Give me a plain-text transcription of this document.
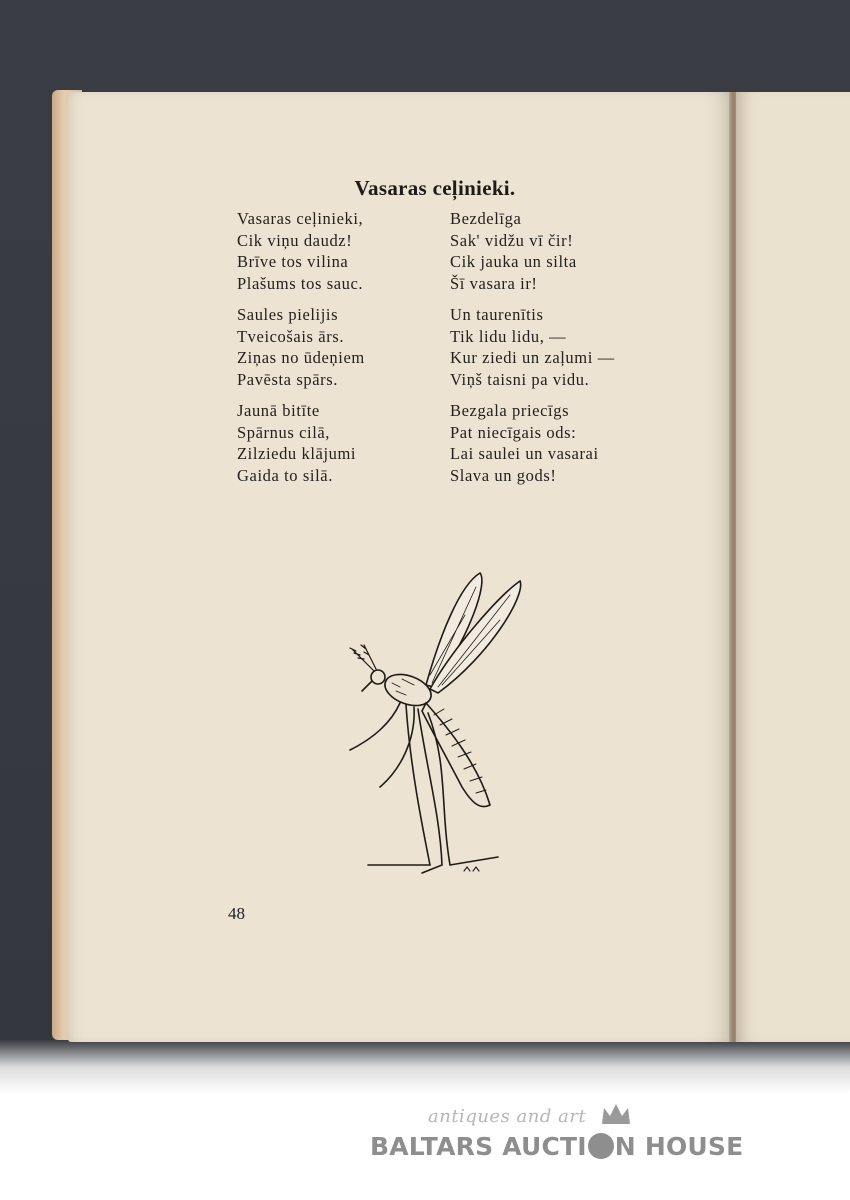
Vasaras ceļinieki.
Vasaras ceļinieki,
Cik viņu daudz!
Brīve tos vilina
Plašums tos sauc.
Saules pielijis
Tveicošais ārs.
Ziņas no ūdeņiem
Pavēsta spārs.
Jaunā bitīte
Spārnus cilā,
Zilziedu klājumi
Gaida to silā.
Bezdelīga
Sak' vidžu vī čir!
Cik jauka un silta
Šī vasara ir!
Un taurenītis
Tik lidu lidu, —
Kur ziedi un zaļumi —
Viņš taisni pa vidu.
Bezgala priecīgs
Pat niecīgais ods:
Lai saulei un vasarai
Slava un gods!
48
antiques and art
BALTARS AUCTI N HOUSE
